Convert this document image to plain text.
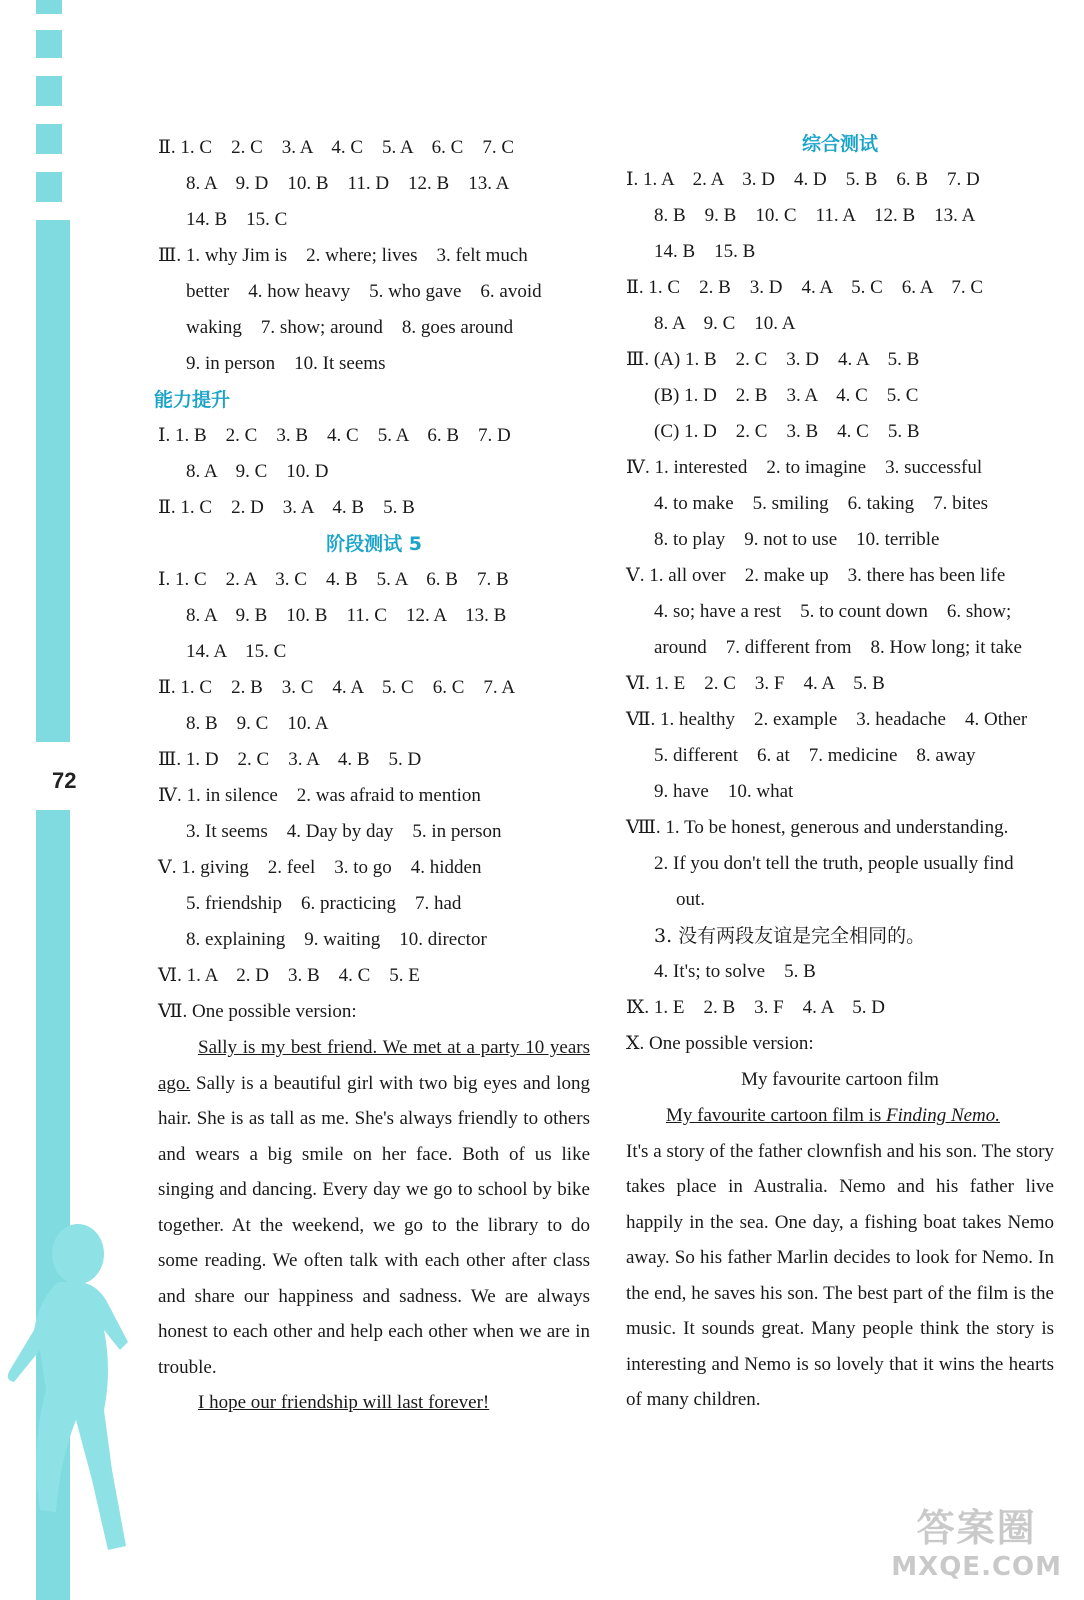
72
Ⅱ. 1. C    2. C    3. A    4. C    5. A    6. C    7. C
8. A    9. D    10. B    11. D    12. B    13. A
14. B    15. C
Ⅲ. 1. why Jim is    2. where; lives    3. felt much
better    4. how heavy    5. who gave    6. avoid
waking    7. show; around    8. goes around
9. in person    10. It seems
能力提升
Ⅰ. 1. B    2. C    3. B    4. C    5. A    6. B    7. D
8. A    9. C    10. D
Ⅱ. 1. C    2. D    3. A    4. B    5. B
阶段测试 5
Ⅰ. 1. C    2. A    3. C    4. B    5. A    6. B    7. B
8. A    9. B    10. B    11. C    12. A    13. B
14. A    15. C
Ⅱ. 1. C    2. B    3. C    4. A    5. C    6. C    7. A
8. B    9. C    10. A
Ⅲ. 1. D    2. C    3. A    4. B    5. D
Ⅳ. 1. in silence    2. was afraid to mention
3. It seems    4. Day by day    5. in person
Ⅴ. 1. giving    2. feel    3. to go    4. hidden
5. friendship    6. practicing    7. had
8. explaining    9. waiting    10. director
Ⅵ. 1. A    2. D    3. B    4. C    5. E
Ⅶ. One possible version:
Sally is my best friend. We met at a party 10 years ago. Sally is a beautiful girl with two big eyes and long hair. She is as tall as me. She's always friendly to others and wears a big smile on her face. Both of us like singing and dancing. Every day we go to school by bike together. At the weekend, we go to the library to do some reading. We often talk with each other after class and share our happiness and sadness. We are always honest to each other and help each other when we are in trouble.
I hope our friendship will last forever!
综合测试
Ⅰ. 1. A    2. A    3. D    4. D    5. B    6. B    7. D
8. B    9. B    10. C    11. A    12. B    13. A
14. B    15. B
Ⅱ. 1. C    2. B    3. D    4. A    5. C    6. A    7. C
8. A    9. C    10. A
Ⅲ. (A) 1. B    2. C    3. D    4. A    5. B
(B) 1. D    2. B    3. A    4. C    5. C
(C) 1. D    2. C    3. B    4. C    5. B
Ⅳ. 1. interested    2. to imagine    3. successful
4. to make    5. smiling    6. taking    7. bites
8. to play    9. not to use    10. terrible
Ⅴ. 1. all over    2. make up    3. there has been life
4. so; have a rest    5. to count down    6. show;
around    7. different from    8. How long; it take
Ⅵ. 1. E    2. C    3. F    4. A    5. B
Ⅶ. 1. healthy    2. example    3. headache    4. Other
5. different    6. at    7. medicine    8. away
9. have    10. what
Ⅷ. 1. To be honest, generous and understanding.
2. If you don't tell the truth, people usually find
out.
3. 没有两段友谊是完全相同的。
4. It's; to solve    5. B
Ⅸ. 1. E    2. B    3. F    4. A    5. D
Ⅹ. One possible version:
My favourite cartoon film
My favourite cartoon film is Finding Nemo.
It's a story of the father clownfish and his son. The story takes place in Australia. Nemo and his father live happily in the sea. One day, a fishing boat takes Nemo away. So his father Marlin decides to look for Nemo. In the end, he saves his son. The best part of the film is the music. It sounds great. Many people think the story is interesting and Nemo is so lovely that it wins the hearts of many children.
答案圈
MXQE.COM
